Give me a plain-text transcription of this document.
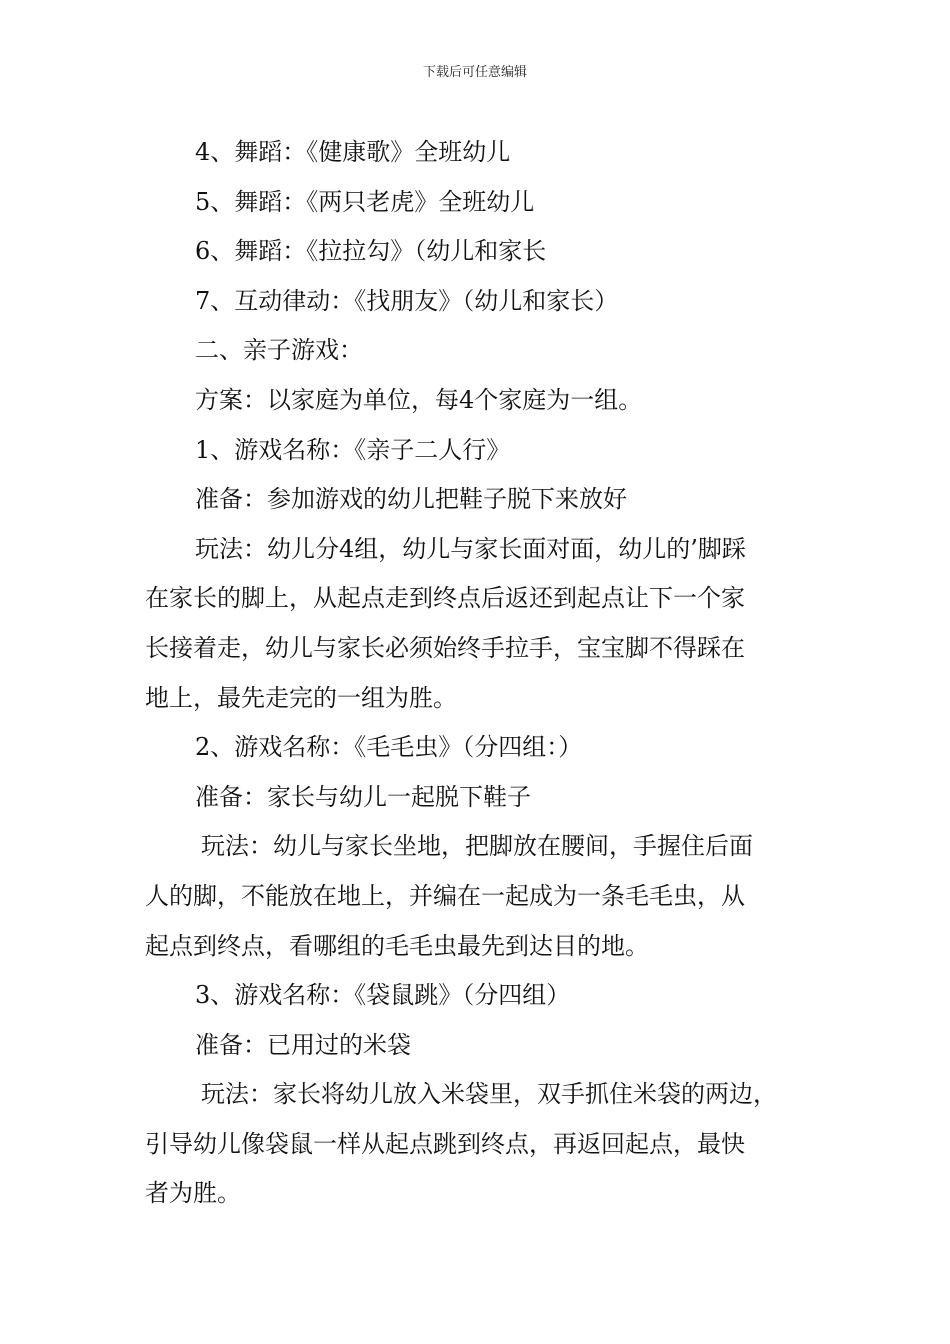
下载后可任意编辑
4、舞蹈：《健康歌》全班幼儿
5、舞蹈：《两只老虎》全班幼儿
6、舞蹈：《拉拉勾》（幼儿和家长
7、互动律动：《找朋友》（幼儿和家长）
二、亲子游戏：
方案：以家庭为单位，每4个家庭为一组。
1、游戏名称：《亲子二人行》
准备：参加游戏的幼儿把鞋子脱下来放好
玩法：幼儿分4组，幼儿与家长面对面，幼儿的’脚踩
在家长的脚上，从起点走到终点后返还到起点让下一个家
长接着走，幼儿与家长必须始终手拉手，宝宝脚不得踩在
地上，最先走完的一组为胜。
2、游戏名称：《毛毛虫》（分四组：）
准备：家长与幼儿一起脱下鞋子
玩法：幼儿与家长坐地，把脚放在腰间，手握住后面
人的脚，不能放在地上，并编在一起成为一条毛毛虫，从
起点到终点，看哪组的毛毛虫最先到达目的地。
3、游戏名称：《袋鼠跳》（分四组）
准备：已用过的米袋
玩法：家长将幼儿放入米袋里，双手抓住米袋的两边，
引导幼儿像袋鼠一样从起点跳到终点，再返回起点，最快
者为胜。
